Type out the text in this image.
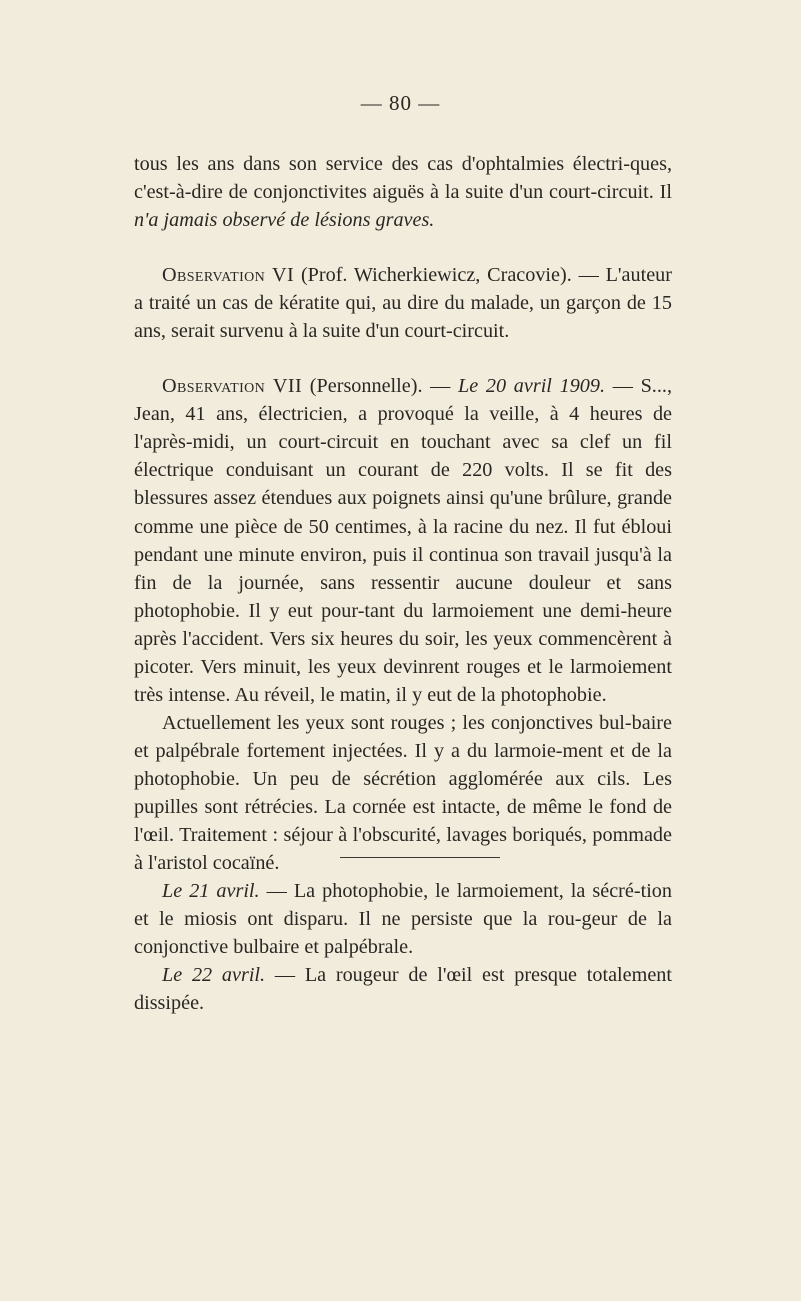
— 80 —

tous les ans dans son service des cas d'ophtalmies électri-ques, c'est-à-dire de conjonctivites aiguës à la suite d'un court-circuit. Il n'a jamais observé de lésions graves.

Observation VI (Prof. Wicherkiewicz, Cracovie). — L'auteur a traité un cas de kératite qui, au dire du malade, un garçon de 15 ans, serait survenu à la suite d'un court-circuit.

Observation VII (Personnelle). — Le 20 avril 1909. — S..., Jean, 41 ans, électricien, a provoqué la veille, à 4 heures de l'après-midi, un court-circuit en touchant avec sa clef un fil électrique conduisant un courant de 220 volts. Il se fit des blessures assez étendues aux poignets ainsi qu'une brûlure, grande comme une pièce de 50 centimes, à la racine du nez. Il fut ébloui pendant une minute environ, puis il continua son travail jusqu'à la fin de la journée, sans ressentir aucune douleur et sans photophobie. Il y eut pour-tant du larmoiement une demi-heure après l'accident. Vers six heures du soir, les yeux commencèrent à picoter. Vers minuit, les yeux devinrent rouges et le larmoiement très intense. Au réveil, le matin, il y eut de la photophobie.

Actuellement les yeux sont rouges ; les conjonctives bul-baire et palpébrale fortement injectées. Il y a du larmoie-ment et de la photophobie. Un peu de sécrétion agglomérée aux cils. Les pupilles sont rétrécies. La cornée est intacte, de même le fond de l'œil. Traitement : séjour à l'obscurité, lavages boriqués, pommade à l'aristol cocaïné.

Le 21 avril. — La photophobie, le larmoiement, la sécré-tion et le miosis ont disparu. Il ne persiste que la rou-geur de la conjonctive bulbaire et palpébrale.

Le 22 avril. — La rougeur de l'œil est presque totalement dissipée.
